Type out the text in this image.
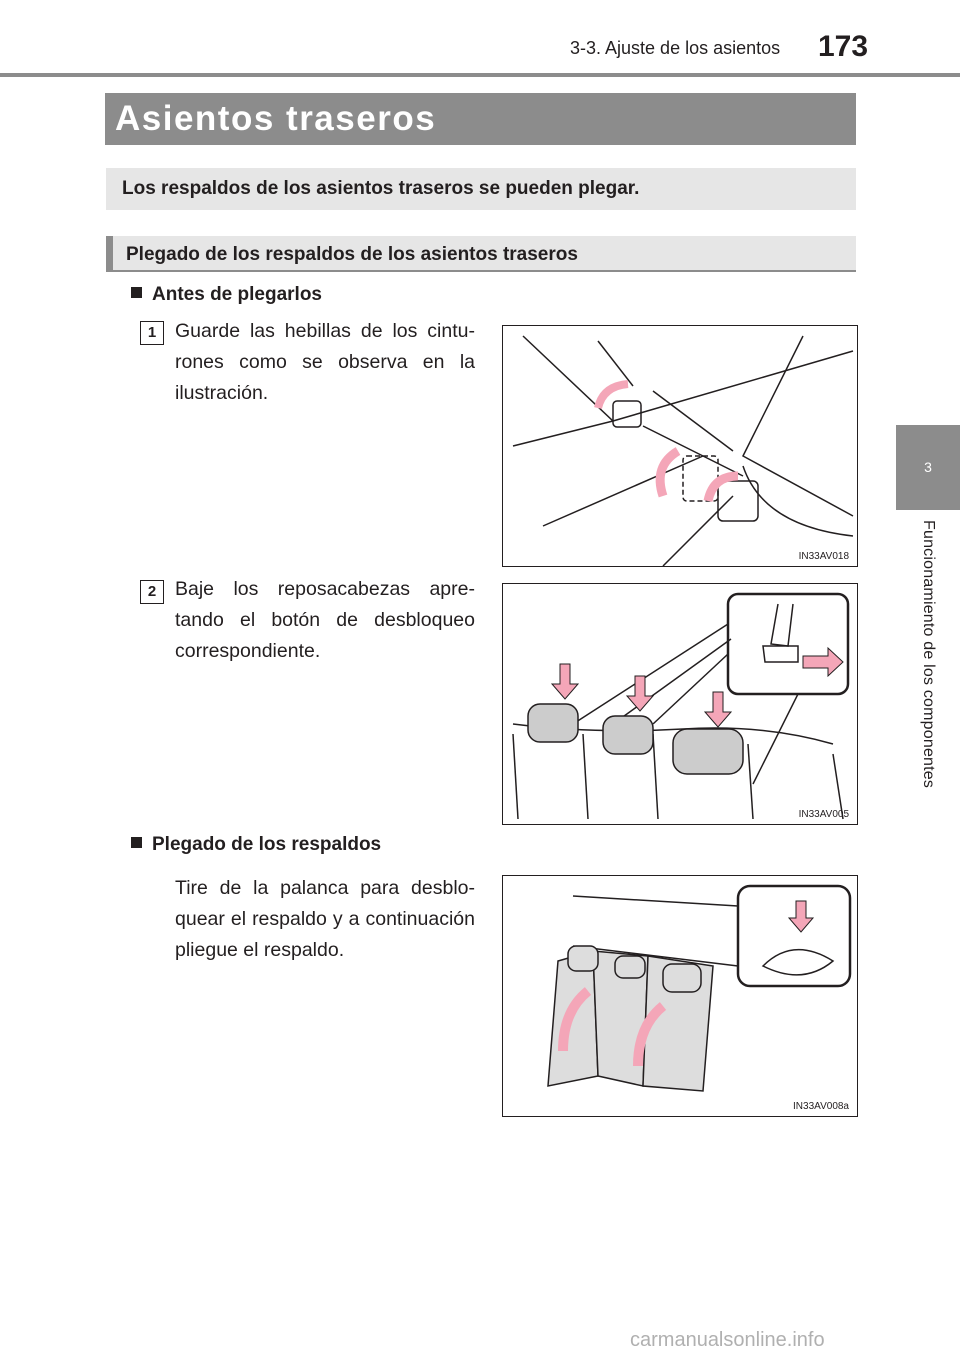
3-3. Ajuste de los asientos 173
3
Funcionamiento de los componentes
Asientos traseros
Los respaldos de los asientos traseros se pueden plegar.
Plegado de los respaldos de los asientos traseros
Antes de plegarlos
1 Guarde las hebillas de los cintu-rones como se observa en la ilustración.
IN33AV018
2 Baje los reposacabezas apre-tando el botón de desbloqueo correspondiente.
IN33AV005
Plegado de los respaldos
Tire de la palanca para desblo-quear el respaldo y a continuación pliegue el respaldo.
IN33AV008a
carmanualsonline.info
